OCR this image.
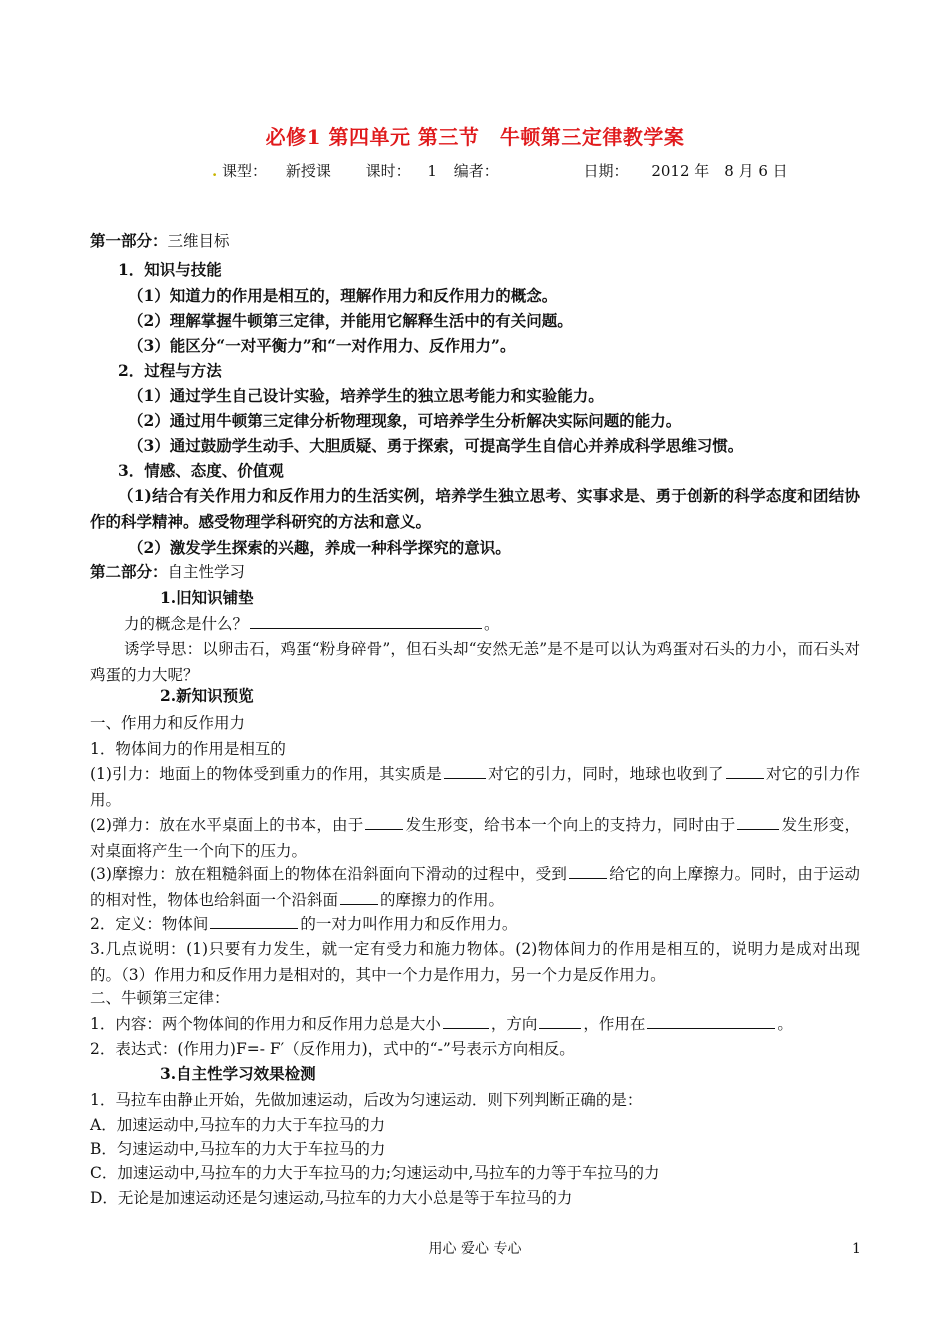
必修1 第四单元 第三节　牛顿第三定律教学案
. 课型： 新授课 课时： 1 编者：	日期： 2012 年　8 月 6 日
第一部分：三维目标
1．知识与技能
（1）知道力的作用是相互的，理解作用力和反作用力的概念。
（2）理解掌握牛顿第三定律，并能用它解释生活中的有关问题。
（3）能区分“一对平衡力”和“一对作用力、反作用力”。
2．过程与方法
（1）通过学生自己设计实验，培养学生的独立思考能力和实验能力。
（2）通过用牛顿第三定律分析物理现象，可培养学生分析解决实际问题的能力。
（3）通过鼓励学生动手、大胆质疑、勇于探索，可提高学生自信心并养成科学思维习惯。
3．情感、态度、价值观
（1)结合有关作用力和反作用力的生活实例，培养学生独立思考、实事求是、勇于创新的科学态度和团结协作的科学精神。感受物理学科研究的方法和意义。
（2）激发学生探索的兴趣，养成一种科学探究的意识。
第二部分：自主性学习
1.旧知识铺垫
力的概念是什么？	。
诱学导思：以卵击石，鸡蛋“粉身碎骨”，但石头却“安然无恙”是不是可以认为鸡蛋对石头的力小，而石头对鸡蛋的力大呢？
2.新知识预览
一、作用力和反作用力
1．物体间力的作用是相互的
(1)引力：地面上的物体受到重力的作用，其实质是	对它的引力，同时，地球也收到了	对它的引力作用。
(2)弹力：放在水平桌面上的书本，由于	发生形变，给书本一个向上的支持力，同时由于	发生形变，对桌面将产生一个向下的压力。
(3)摩擦力：放在粗糙斜面上的物体在沿斜面向下滑动的过程中，受到	给它的向上摩擦力。同时，由于运动的相对性，物体也给斜面一个沿斜面	的摩擦力的作用。
2．定义：物体间	的一对力叫作用力和反作用力。
3.几点说明：(1)只要有力发生，就一定有受力和施力物体。(2)物体间力的作用是相互的，说明力是成对出现的。（3）作用力和反作用力是相对的，其中一个力是作用力，另一个力是反作用力。
二、牛顿第三定律：
1．内容：两个物体间的作用力和反作用力总是大小	，方向	，作用在	。
2．表达式：(作用力)F=- F′（反作用力)，式中的“-”号表示方向相反。
3.自主性学习效果检测
1．马拉车由静止开始，先做加速运动，后改为匀速运动．则下列判断正确的是：
A．加速运动中,马拉车的力大于车拉马的力
B．匀速运动中,马拉车的力大于车拉马的力
C．加速运动中,马拉车的力大于车拉马的力;匀速运动中,马拉车的力等于车拉马的力
D．无论是加速运动还是匀速运动,马拉车的力大小总是等于车拉马的力
用心 爱心 专心	1
